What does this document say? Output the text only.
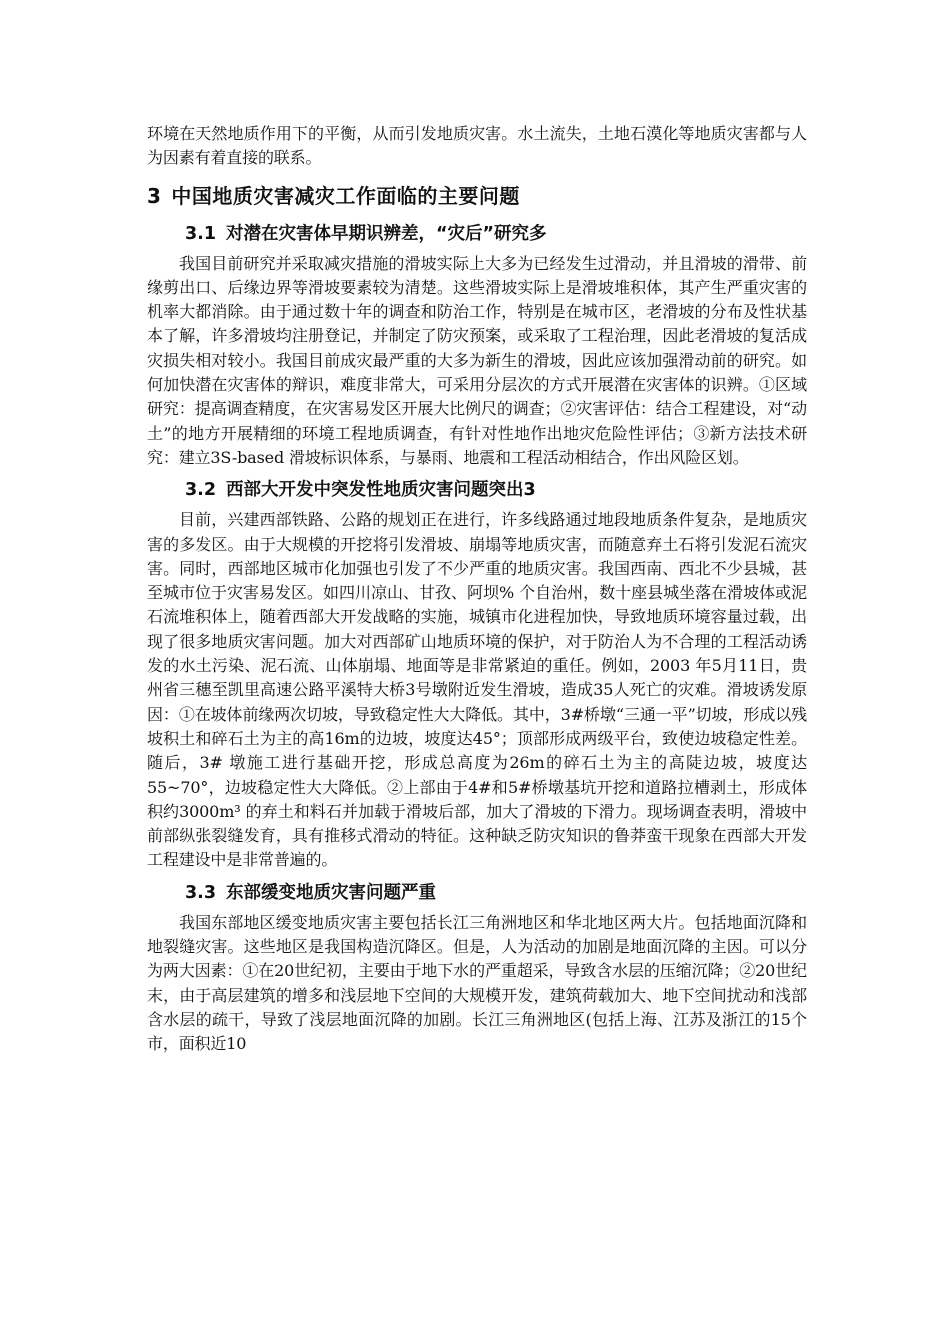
环境在天然地质作用下的平衡，从而引发地质灾害。水土流失，土地石漠化等地质灾害都与人为因素有着直接的联系。

3 中国地质灾害减灾工作面临的主要问题
3.1 对潜在灾害体早期识辨差，“灾后”研究多

我国目前研究并采取减灾措施的滑坡实际上大多为已经发生过滑动，并且滑坡的滑带、前缘剪出口、后缘边界等滑坡要素较为清楚。这些滑坡实际上是滑坡堆积体，其产生严重灾害的机率大都消除。由于通过数十年的调查和防治工作，特别是在城市区，老滑坡的分布及性状基本了解，许多滑坡均注册登记，并制定了防灾预案，或采取了工程治理，因此老滑坡的复活成灾损失相对较小。我国目前成灾最严重的大多为新生的滑坡，因此应该加强滑动前的研究。如何加快潜在灾害体的辩识，难度非常大，可采用分层次的方式开展潜在灾害体的识辨。①区域研究：提高调查精度，在灾害易发区开展大比例尺的调查；②灾害评估：结合工程建设，对“动土”的地方开展精细的环境工程地质调查，有针对性地作出地灾危险性评估；③新方法技术研究：建立3S-based 滑坡标识体系，与暴雨、地震和工程活动相结合，作出风险区划。

3.2 西部大开发中突发性地质灾害问题突出3

目前，兴建西部铁路、公路的规划正在进行，许多线路通过地段地质条件复杂，是地质灾害的多发区。由于大规模的开挖将引发滑坡、崩塌等地质灾害，而随意弃土石将引发泥石流灾害。同时，西部地区城市化加强也引发了不少严重的地质灾害。我国西南、西北不少县城，甚至城市位于灾害易发区。如四川凉山、甘孜、阿坝% 个自治州，数十座县城坐落在滑坡体或泥石流堆积体上，随着西部大开发战略的实施，城镇市化进程加快，导致地质环境容量过载，出现了很多地质灾害问题。加大对西部矿山地质环境的保护，对于防治人为不合理的工程活动诱发的水土污染、泥石流、山体崩塌、地面等是非常紧迫的重任。例如，2003 年5月11日，贵州省三穗至凯里高速公路平溪特大桥3号墩附近发生滑坡，造成35人死亡的灾难。滑坡诱发原因：①在坡体前缘两次切坡，导致稳定性大大降低。其中，3#桥墩“三通一平”切坡，形成以残坡积土和碎石土为主的高16m的边坡，坡度达45°；顶部形成两级平台，致使边坡稳定性差。随后，3# 墩施工进行基础开挖，形成总高度为26m的碎石土为主的高陡边坡，坡度达55~70°，边坡稳定性大大降低。②上部由于4#和5#桥墩基坑开挖和道路拉槽剥土，形成体积约3000m³ 的弃土和料石并加载于滑坡后部，加大了滑坡的下滑力。现场调查表明，滑坡中前部纵张裂缝发育，具有推移式滑动的特征。这种缺乏防灾知识的鲁莽蛮干现象在西部大开发工程建设中是非常普遍的。

3.3 东部缓变地质灾害问题严重

我国东部地区缓变地质灾害主要包括长江三角洲地区和华北地区两大片。包括地面沉降和地裂缝灾害。这些地区是我国构造沉降区。但是，人为活动的加剧是地面沉降的主因。可以分为两大因素：①在20世纪初，主要由于地下水的严重超采，导致含水层的压缩沉降；②20世纪末，由于高层建筑的增多和浅层地下空间的大规模开发，建筑荷载加大、地下空间扰动和浅部含水层的疏干，导致了浅层地面沉降的加剧。长江三角洲地区(包括上海、江苏及浙江的15个市，面积近10
